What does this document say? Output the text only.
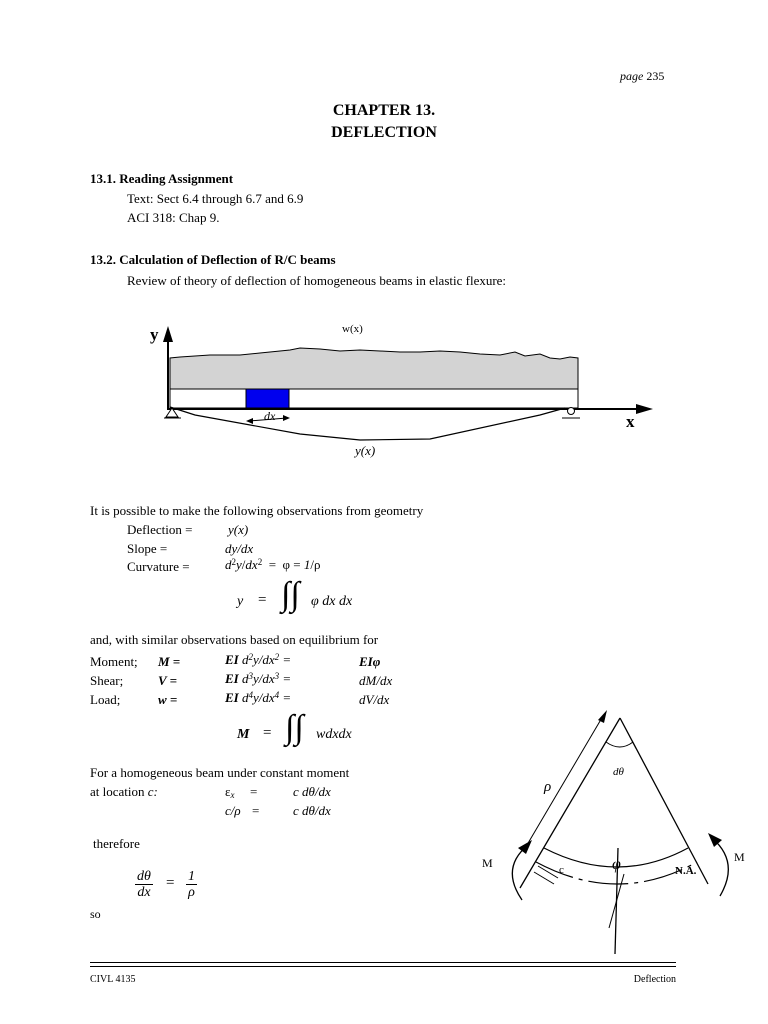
page 235
CHAPTER 13.
DEFLECTION
13.1. Reading Assignment
Text: Sect 6.4 through 6.7 and 6.9
ACI 318: Chap 9.
13.2. Calculation of Deflection of R/C beams
Review of theory of deflection of homogeneous beams in elastic flexure:
y
x
w(x)
dx
y(x)
It is possible to make the following observations from geometry
Deflection =	y(x)
Slope =	dy/dx
Curvature =	$d^2y/dx^2 = \varphi = 1/\rho$
y = ∫∫ φ dx dx
and, with similar observations based on equilibrium for
Moment; M =	EI $d^2y/dx^2$ =	EIφ
Shear;	V =	EI $d^3y/dx^3$ =	dM/dx
Load;	w =	EI $d^4y/dx^4$ =	dV/dx
M = ∫∫ wdxdx
For a homogeneous beam under constant moment
at location c:	$\varepsilon_x$ =	c dθ/dx
c/ρ =	c dθ/dx
therefore
$\frac{d\theta}{dx} = \frac{1}{\rho}$
so
ρ
dθ
M	M
c	φ	N.A.
CIVL 4135	Deflection
